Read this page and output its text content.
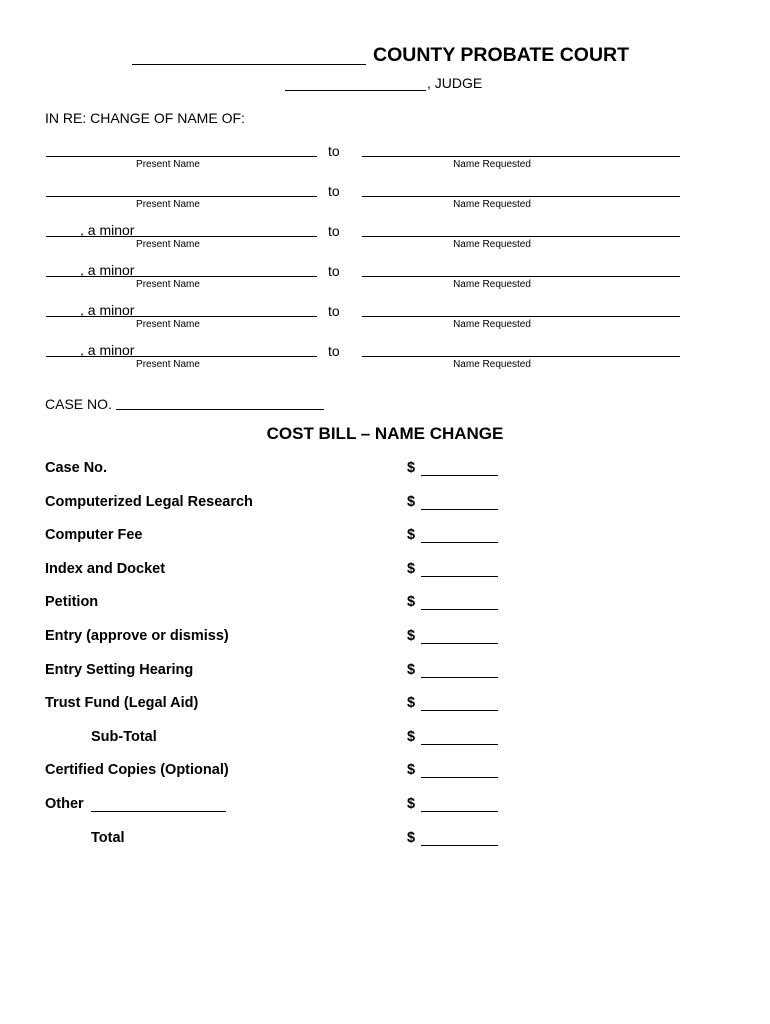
COUNTY PROBATE COURT
, JUDGE
IN RE: CHANGE OF NAME OF:
to
Present Name	Name Requested
to
Present Name	Name Requested
, a minor	to
Present Name	Name Requested
, a minor	to
Present Name	Name Requested
, a minor	to
Present Name	Name Requested
, a minor	to
Present Name	Name Requested
CASE NO.
COST BILL – NAME CHANGE
Case No.	$
Computerized Legal Research	$
Computer Fee	$
Index and Docket	$
Petition	$
Entry (approve or dismiss)	$
Entry Setting Hearing	$
Trust Fund (Legal Aid)	$
Sub-Total	$
Certified Copies (Optional)	$
Other	$
Total	$
